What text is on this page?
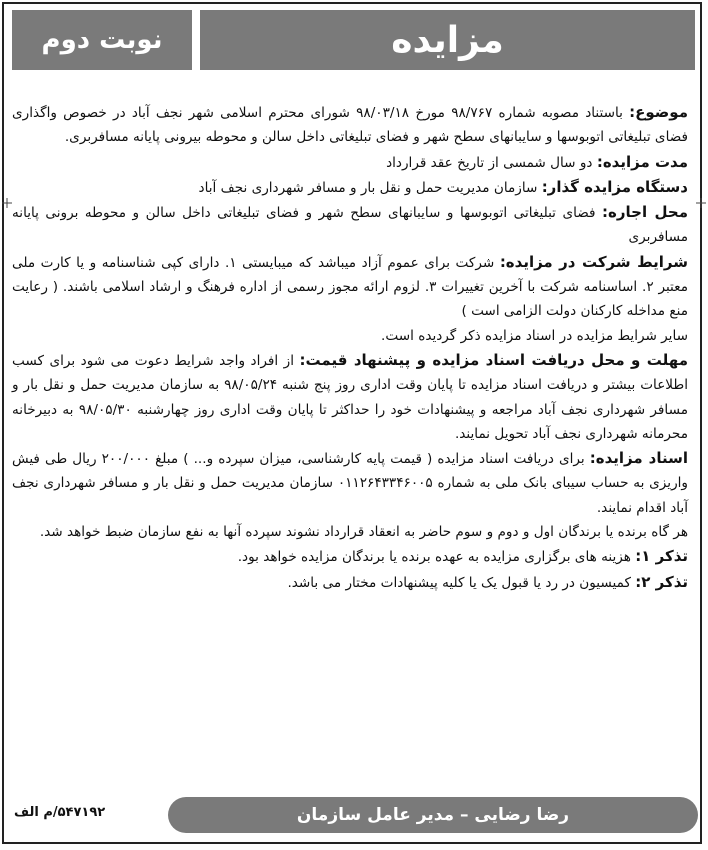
مزایده
نوبت دوم

موضوع: باستناد مصوبه شماره ۹۸/۷۶۷ مورخ ۹۸/۰۳/۱۸ شورای محترم اسلامی شهر نجف آباد در خصوص واگذاری فضای تبلیغاتی اتوبوسها و سایبانهای سطح شهر و فضای تبلیغاتی داخل سالن و محوطه بیرونی پایانه مسافربری.

مدت مزایده: دو سال شمسی از تاریخ عقد قرارداد

دستگاه مزایده گذار: سازمان مدیریت حمل و نقل بار و مسافر شهرداری نجف آباد

محل اجاره: فضای تبلیغاتی اتوبوسها و سایبانهای سطح شهر و فضای تبلیغاتی داخل سالن و محوطه برونی پایانه مسافربری

شرایط شرکت در مزایده: شرکت برای عموم آزاد میباشد که میبایستی ۱. دارای کپی شناسنامه و یا کارت ملی معتبر ۲. اساسنامه شرکت با آخرین تغییرات ۳. لزوم ارائه مجوز رسمی از اداره فرهنگ و ارشاد اسلامی باشند. ( رعایت منع مداخله کارکنان دولت الزامی است )

سایر شرایط مزایده در اسناد مزایده ذکر گردیده است.

مهلت و محل دریافت اسناد مزایده و پیشنهاد قیمت: از افراد واجد شرایط دعوت می شود برای کسب اطلاعات بیشتر و دریافت اسناد مزایده تا پایان وقت اداری روز پنج شنبه ۹۸/۰۵/۲۴ به سازمان مدیریت حمل و نقل بار و مسافر شهرداری نجف آباد مراجعه و پیشنهادات خود را حداکثر تا پایان وقت اداری روز چهارشنبه ۹۸/۰۵/۳۰ به دبیرخانه محرمانه شهرداری نجف آباد تحویل نمایند.

اسناد مزایده: برای دریافت اسناد مزایده ( قیمت پایه کارشناسی، میزان سپرده و... ) مبلغ ۲۰۰/۰۰۰ ریال طی فیش واریزی به حساب سیبای بانک ملی به شماره ۰۱۱۲۶۴۳۳۴۶۰۰۵ سازمان مدیریت حمل و نقل بار و مسافر شهرداری نجف آباد اقدام نمایند.

هر گاه برنده یا برندگان اول و دوم و سوم حاضر به انعقاد قرارداد نشوند سپرده آنها به نفع سازمان ضبط خواهد شد.

تذکر ۱: هزینه های برگزاری مزایده به عهده برنده یا برندگان مزایده خواهد بود.

تذکر ۲: کمیسیون در رد یا قبول یک یا کلیه پیشنهادات مختار می باشد.

رضا رضایی – مدیر عامل سازمان
۵۴۷۱۹۲/م الف
